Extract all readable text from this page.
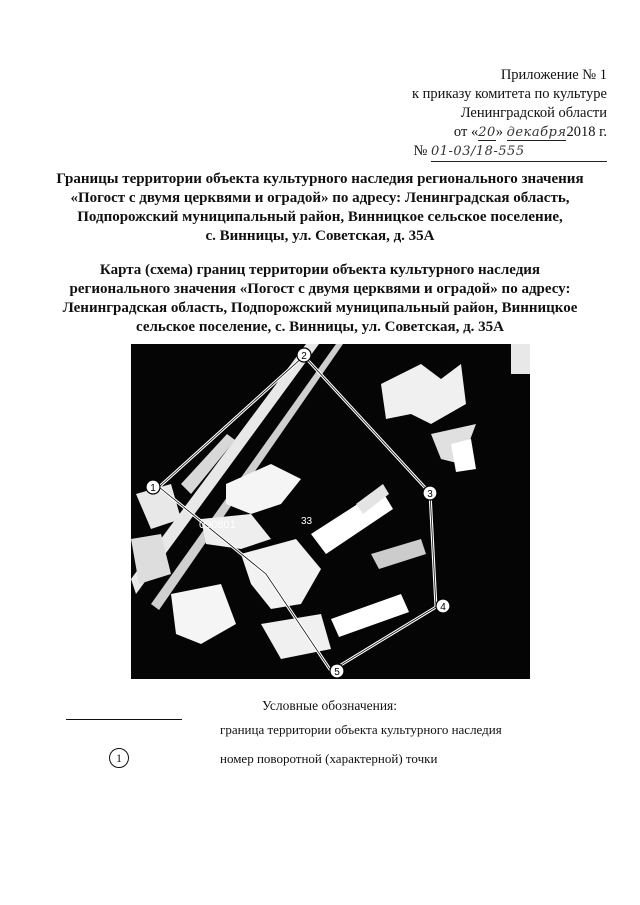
Приложение № 1
к приказу комитета по культуре
Ленинградской области
от «20» декабря2018 г.
№ 01-03/18-555
Границы территории объекта культурного наследия регионального значения
«Погост с двумя церквями и оградой» по адресу: Ленинградская область,
Подпорожский муниципальный район, Винницкое сельское поселение,
с. Винницы, ул. Советская, д. 35А
Карта (схема) границ территории объекта культурного наследия
регионального значения «Погост с двумя церквями и оградой» по адресу:
Ленинградская область, Подпорожский муниципальный район, Винницкое
сельское поселение, с. Винницы, ул. Советская, д. 35А
090801	33
1
2
3
4
5
Условные обозначения:
граница территории объекта культурного наследия
1	номер поворотной (характерной) точки
